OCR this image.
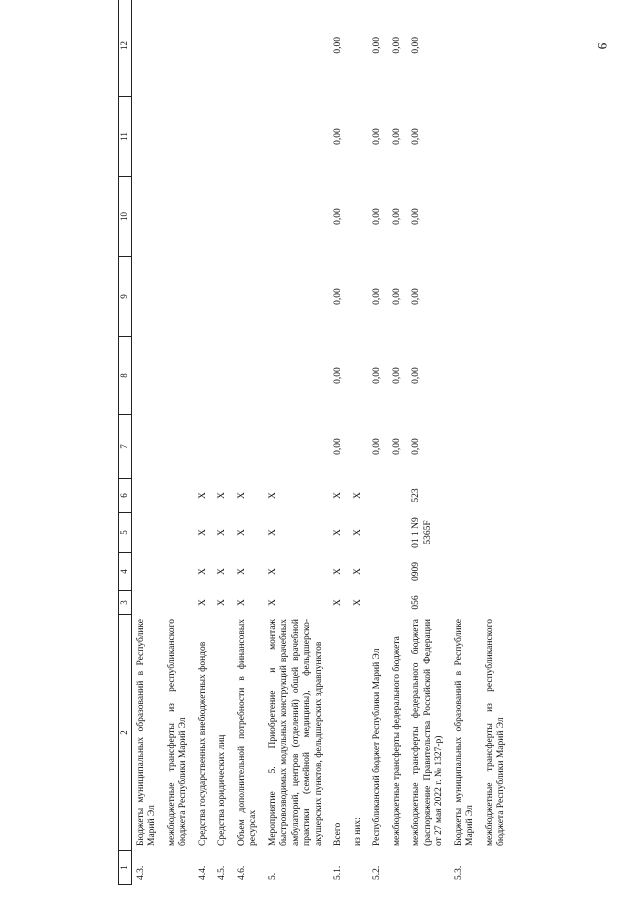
9
1	2	3	4	5	6	7	8	9	10	11	12
4.3.	Бюджеты муниципальных образований в Республике Марий Эл										
	межбюджетные трансферты из республиканского бюджета Республики Марий Эл										
4.4.	Средства государственных внебюджетных фондов	X	X	X	X						
4.5.	Средства юридических лиц	X	X	X	X						
4.6.	Объем дополнительной потребности в финансовых ресурсах	X	X	X	X						
5.	Мероприятие 5. Приобретение и монтаж быстровозводимых модульных конструкций врачебных амбулаторий, центров (отделений) общей врачебной практики (семейной медицины), фельдшерско-акушерских пунктов, фельдшерских здравпунктов	X	X	X	X						
5.1.	Всего	X	X	X	X	0,00	0,00	0,00	0,00	0,00	0,00
	из них:	X	X	X	X						
5.2.	Республиканский бюджет Республики Марий Эл					0,00	0,00	0,00	0,00	0,00	0,00
	межбюджетные трансферты федерального бюджета					0,00	0,00	0,00	0,00	0,00	0,00
	межбюджетные трансферты федерального бюджета (распоряжение Правительства Российской Федерации от 27 мая 2022 г. № 1327-р)	056	0909	01 1 N9 5365F	523	0,00	0,00	0,00	0,00	0,00	0,00
5.3.	Бюджеты муниципальных образований в Республике Марий Эл										
	межбюджетные трансферты из республиканского бюджета Республики Марий Эл										
